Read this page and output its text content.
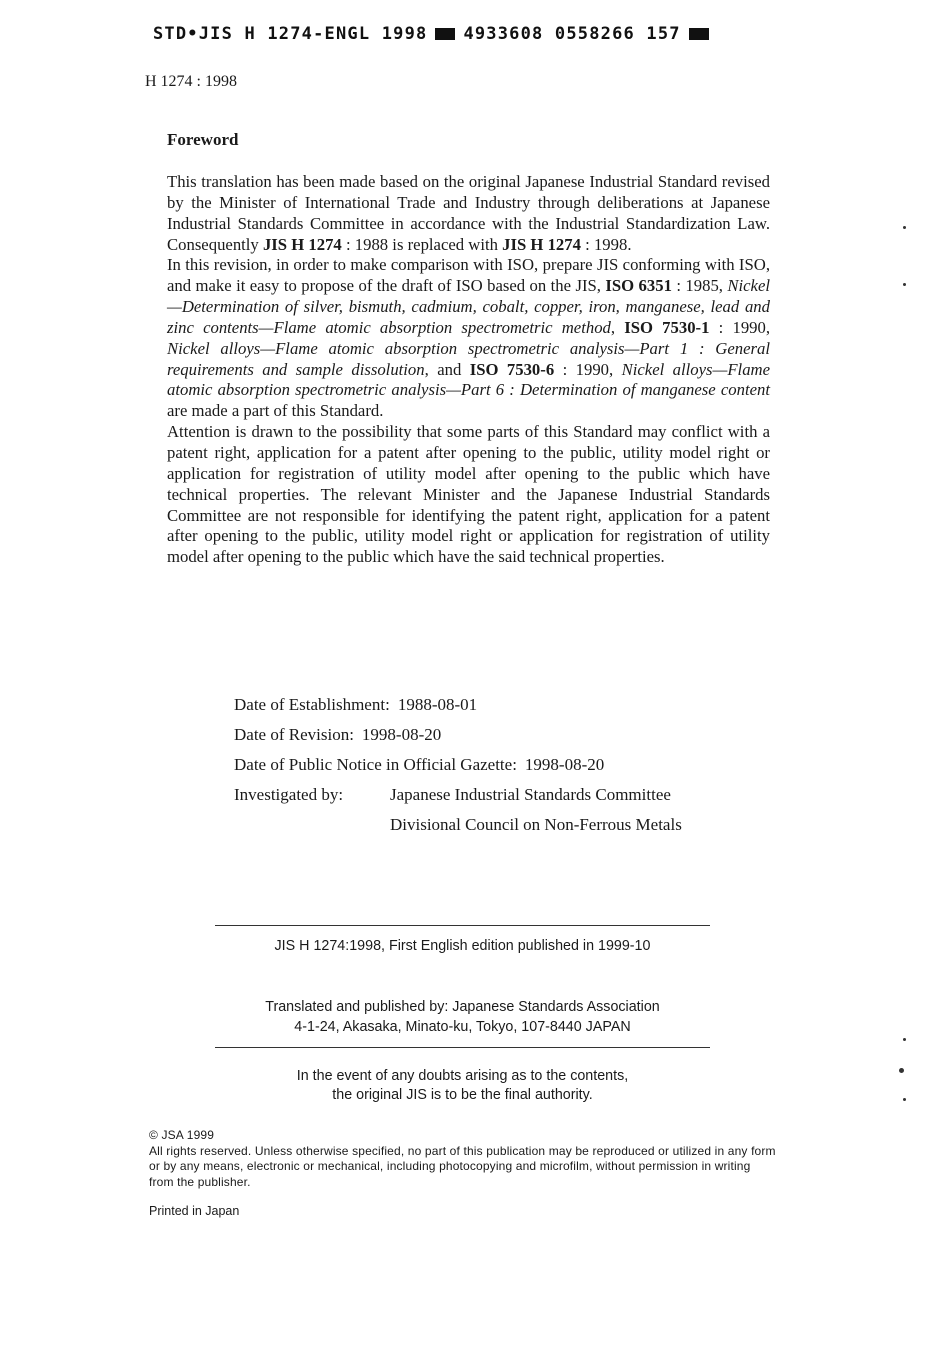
STD•JIS H 1274-ENGL 1998 4933608 0558266 157
H 1274 : 1998
Foreword

This translation has been made based on the original Japanese Industrial Standard revised by the Minister of International Trade and Industry through deliberations at Japanese Industrial Standards Committee in accordance with the Industrial Standardization Law. Consequently JIS H 1274 : 1988 is replaced with JIS H 1274 : 1998.

In this revision, in order to make comparison with ISO, prepare JIS conforming with ISO, and make it easy to propose of the draft of ISO based on the JIS, ISO 6351 : 1985, Nickel—Determination of silver, bismuth, cadmium, cobalt, copper, iron, manganese, lead and zinc contents—Flame atomic absorption spectrometric method, ISO 7530-1 : 1990, Nickel alloys—Flame atomic absorption spectrometric analysis—Part 1 : General requirements and sample dissolution, and ISO 7530-6 : 1990, Nickel alloys—Flame atomic absorption spectrometric analysis—Part 6 : Determination of manganese content are made a part of this Standard.

Attention is drawn to the possibility that some parts of this Standard may conflict with a patent right, application for a patent after opening to the public, utility model right or application for registration of utility model after opening to the public which have technical properties. The relevant Minister and the Japanese Industrial Standards Committee are not responsible for identifying the patent right, application for a patent after opening to the public, utility model right or application for registration of utility model after opening to the public which have the said technical properties.

Date of Establishment: 1988-08-01
Date of Revision: 1998-08-20
Date of Public Notice in Official Gazette: 1998-08-20
Investigated by:	Japanese Industrial Standards Committee
Divisional Council on Non-Ferrous Metals
JIS H 1274:1998, First English edition published in 1999-10
Translated and published by: Japanese Standards Association
4-1-24, Akasaka, Minato-ku, Tokyo, 107-8440 JAPAN
In the event of any doubts arising as to the contents,
the original JIS is to be the final authority.
© JSA 1999
All rights reserved. Unless otherwise specified, no part of this publication may be reproduced or utilized in any form or by any means, electronic or mechanical, including photocopying and microfilm, without permission in writing from the publisher.
Printed in Japan
